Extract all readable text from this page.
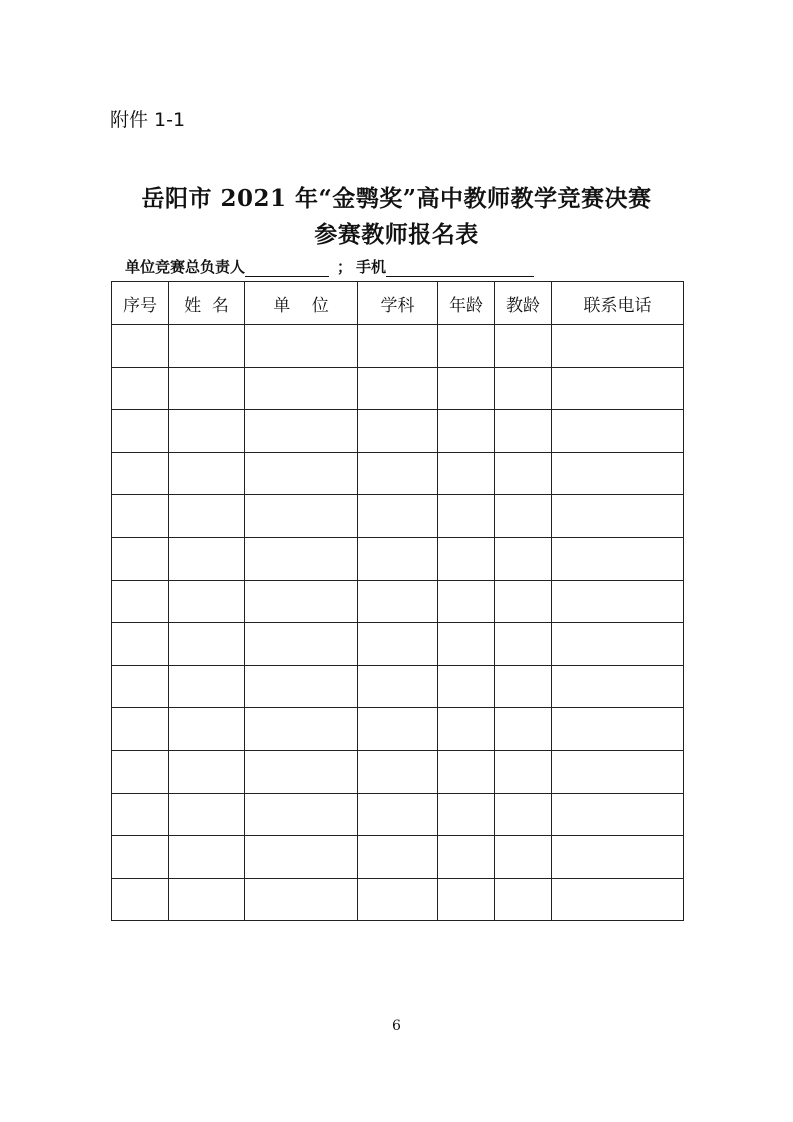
附件 1-1
岳阳市 2021 年“金鹗奖”高中教师教学竞赛决赛
参赛教师报名表
单位竞赛总负责人	； 手机
序号	姓  名	单    位	学科	年龄	教龄	联系电话

6
